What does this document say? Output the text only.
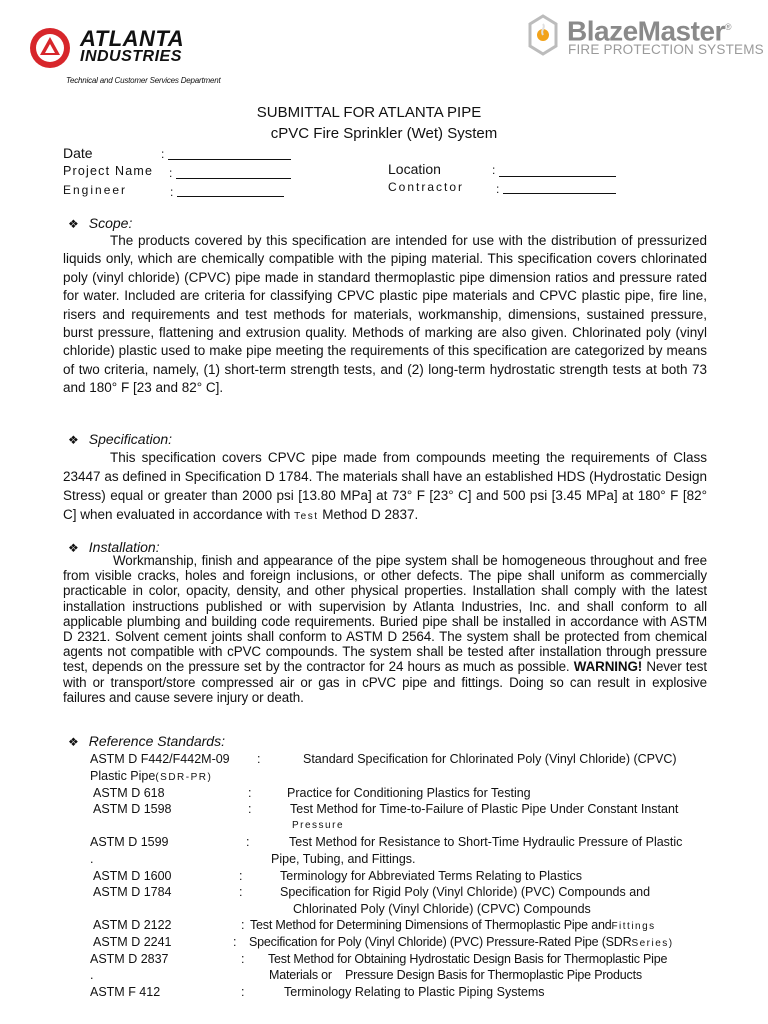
ATLANTA
INDUSTRIES
Technical and Customer Services Department
BlazeMaster®
FIRE PROTECTION SYSTEMS
SUBMITTAL FOR ATLANTA PIPE
cPVC Fire Sprinkler (Wet) System
Date	:
Project Name :
Engineer	:
Location	:
Contractor	:
❖ Scope:
The products covered by this specification are intended for use with the distribution of pressurized liquids only, which are chemically compatible with the piping material. This specification covers chlorinated poly (vinyl chloride) (CPVC) pipe made in standard thermoplastic pipe dimension ratios and pressure rated for water. Included are criteria for classifying CPVC plastic pipe materials and CPVC plastic pipe, fire line, risers and requirements and test methods for materials, workmanship, dimensions, sustained pressure, burst pressure, flattening and extrusion quality. Methods of marking are also given. Chlorinated poly (vinyl chloride) plastic used to make pipe meeting the requirements of this specification are categorized by means of two criteria, namely, (1) short-term strength tests, and (2) long-term hydrostatic strength tests at both 73 and 180° F [23 and 82° C].
❖ Specification:
This specification covers CPVC pipe made from compounds meeting the requirements of Class 23447 as defined in Specification D 1784. The materials shall have an established HDS (Hydrostatic Design Stress) equal or greater than 2000 psi [13.80 MPa] at 73° F [23° C] and 500 psi [3.45 MPa] at 180° F [82° C] when evaluated in accordance with Test Method D 2837.
❖ Installation:
Workmanship, finish and appearance of the pipe system shall be homogeneous throughout and free from visible cracks, holes and foreign inclusions, or other defects. The pipe shall uniform as commercially practicable in color, opacity, density, and other physical properties. Installation shall comply with the latest installation instructions published or with supervision by Atlanta Industries, Inc. and shall conform to all applicable plumbing and building code requirements. Buried pipe shall be installed in accordance with ASTM D 2321. Solvent cement joints shall conform to ASTM D 2564. The system shall be protected from chemical agents not compatible with cPVC compounds. The system shall be tested after installation through pressure test, depends on the pressure set by the contractor for 24 hours as much as possible. WARNING! Never test with or transport/store compressed air or gas in cPVC pipe and fittings. Doing so can result in explosive failures and cause severe injury or death.
❖ Reference Standards:
ASTM D F442/F442M-09 :	Standard Specification for Chlorinated Poly (Vinyl Chloride) (CPVC)
Plastic Pipe(SDR-PR)
ASTM D 618	:	Practice for Conditioning Plastics for Testing
ASTM D 1598	:	Test Method for Time-to-Failure of Plastic Pipe Under Constant Instant
Pressure
ASTM D 1599	:	Test Method for Resistance to Short-Time Hydraulic Pressure of Plastic
.	Pipe, Tubing, and Fittings.
ASTM D 1600	:	Terminology for Abbreviated Terms Relating to Plastics
ASTM D 1784	:	Specification for Rigid Poly (Vinyl Chloride) (PVC) Compounds and
Chlorinated Poly (Vinyl Chloride) (CPVC) Compounds
ASTM D 2122	: Test Method for Determining Dimensions of Thermoplastic Pipe andFittings
ASTM D 2241	: Specification for Poly (Vinyl Chloride) (PVC) Pressure-Rated Pipe (SDRSeries)
ASTM D 2837	: Test Method for Obtaining Hydrostatic Design Basis for Thermoplastic Pipe
.	Materials or    Pressure Design Basis for Thermoplastic Pipe Products
ASTM F 412	:	Terminology Relating to Plastic Piping Systems
